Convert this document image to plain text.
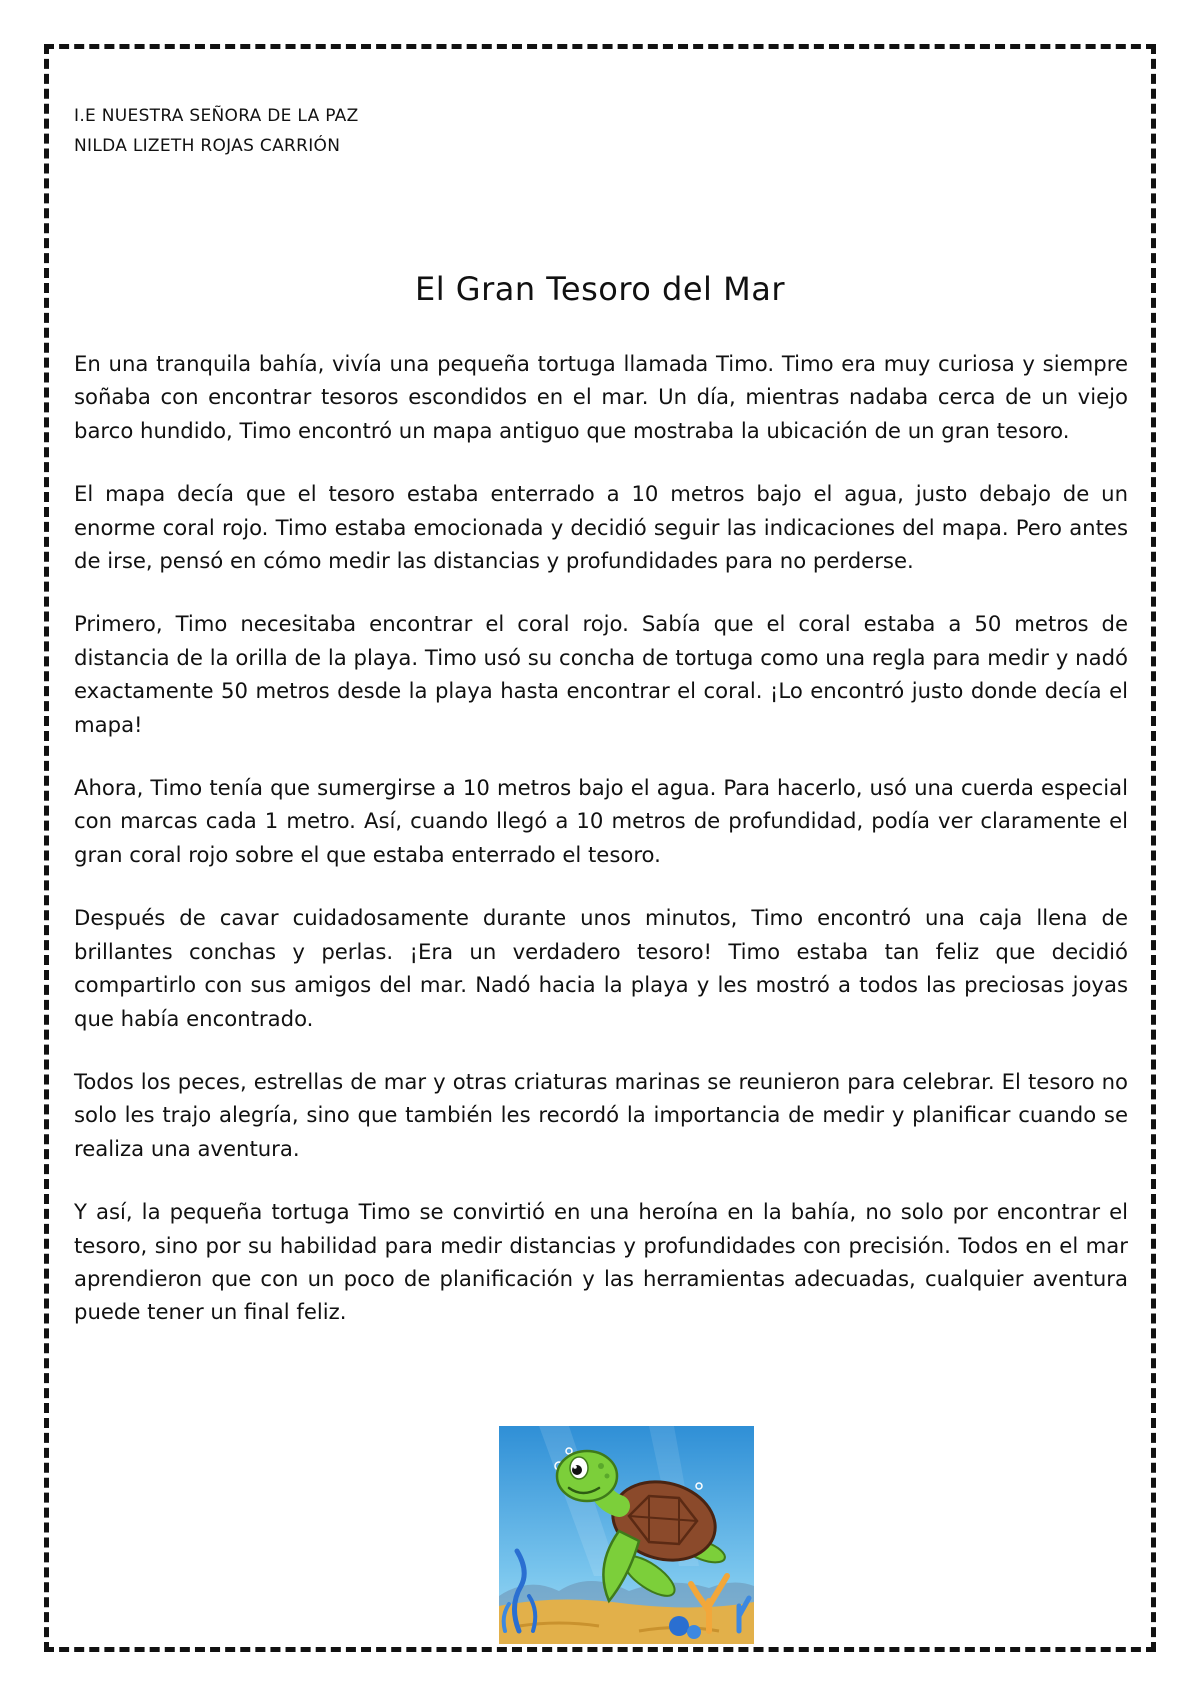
I.E NUESTRA SEÑORA DE LA PAZ
NILDA LIZETH ROJAS CARRIÓN
El Gran Tesoro del Mar

En una tranquila bahía, vivía una pequeña tortuga llamada Timo. Timo era muy curiosa y siempre soñaba con encontrar tesoros escondidos en el mar. Un día, mientras nadaba cerca de un viejo barco hundido, Timo encontró un mapa antiguo que mostraba la ubicación de un gran tesoro.

El mapa decía que el tesoro estaba enterrado a 10 metros bajo el agua, justo debajo de un enorme coral rojo. Timo estaba emocionada y decidió seguir las indicaciones del mapa. Pero antes de irse, pensó en cómo medir las distancias y profundidades para no perderse.

Primero, Timo necesitaba encontrar el coral rojo. Sabía que el coral estaba a 50 metros de distancia de la orilla de la playa. Timo usó su concha de tortuga como una regla para medir y nadó exactamente 50 metros desde la playa hasta encontrar el coral. ¡Lo encontró justo donde decía el mapa!

Ahora, Timo tenía que sumergirse a 10 metros bajo el agua. Para hacerlo, usó una cuerda especial con marcas cada 1 metro. Así, cuando llegó a 10 metros de profundidad, podía ver claramente el gran coral rojo sobre el que estaba enterrado el tesoro.

Después de cavar cuidadosamente durante unos minutos, Timo encontró una caja llena de brillantes conchas y perlas. ¡Era un verdadero tesoro! Timo estaba tan feliz que decidió compartirlo con sus amigos del mar. Nadó hacia la playa y les mostró a todos las preciosas joyas que había encontrado.

Todos los peces, estrellas de mar y otras criaturas marinas se reunieron para celebrar. El tesoro no solo les trajo alegría, sino que también les recordó la importancia de medir y planificar cuando se realiza una aventura.

Y así, la pequeña tortuga Timo se convirtió en una heroína en la bahía, no solo por encontrar el tesoro, sino por su habilidad para medir distancias y profundidades con precisión. Todos en el mar aprendieron que con un poco de planificación y las herramientas adecuadas, cualquier aventura puede tener un final feliz.
